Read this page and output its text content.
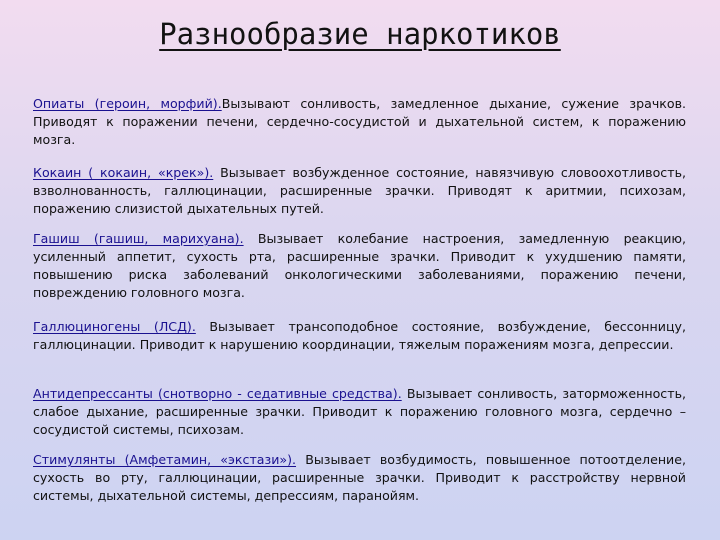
Разнообразие наркотиков

Опиаты (героин, морфий).Вызывают сонливость, замедленное дыхание, сужение зрачков. Приводят к поражении печени, сердечно-сосудистой и дыхательной систем, к поражению мозга.

Кокаин ( кокаин, «крек»). Вызывает возбужденное состояние, навязчивую словоохотливость, взволнованность, галлюцинации, расширенные зрачки. Приводят к аритмии, психозам, поражению слизистой дыхательных путей.

Гашиш (гашиш, марихуана). Вызывает колебание настроения, замедленную реакцию, усиленный аппетит, сухость рта, расширенные зрачки. Приводит к ухудшению памяти, повышению риска заболеваний онкологическими заболеваниями, поражению печени, повреждению головного мозга.

Галлюциногены (ЛСД). Вызывает трансоподобное состояние, возбуждение, бессонницу, галлюцинации. Приводит к нарушению координации, тяжелым поражениям мозга, депрессии.

Антидепрессанты (снотворно - седативные средства). Вызывает сонливость, заторможенность, слабое дыхание, расширенные зрачки. Приводит к поражению головного мозга, сердечно – сосудистой системы, психозам.

Стимулянты (Амфетамин, «экстази»). Вызывает возбудимость, повышенное потоотделение, сухость во рту, галлюцинации, расширенные зрачки. Приводит к расстройству нервной системы, дыхательной системы, депрессиям, паранойям.
